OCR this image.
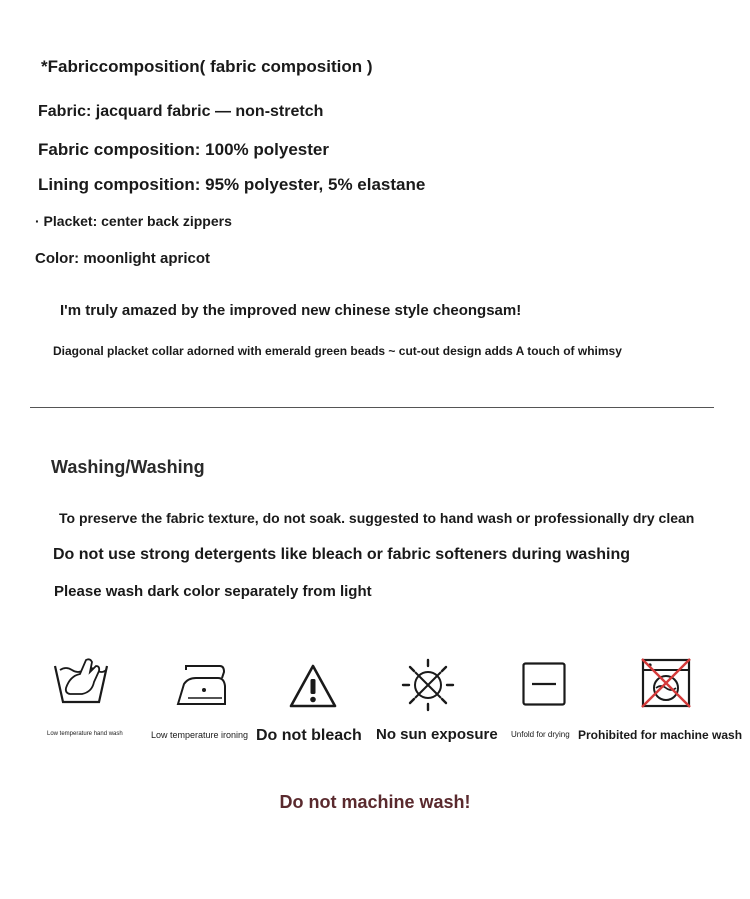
*Fabriccomposition( fabric composition )
Fabric: jacquard fabric — non-stretch
Fabric composition: 100% polyester
Lining composition: 95% polyester, 5% elastane
· Placket: center back zippers
Color: moonlight apricot
I'm truly amazed by the improved new chinese style cheongsam!
Diagonal placket collar adorned with emerald green beads ~ cut-out design adds A touch of whimsy
Washing/Washing
To preserve the fabric texture, do not soak. suggested to hand wash or professionally dry clean
Do not use strong detergents like bleach or fabric softeners during washing
Please wash dark color separately from light
Low temperature hand wash	Low temperature ironing Do not bleach No sun exposure Unfold for drying Prohibited for machine wash
Do not machine wash!
